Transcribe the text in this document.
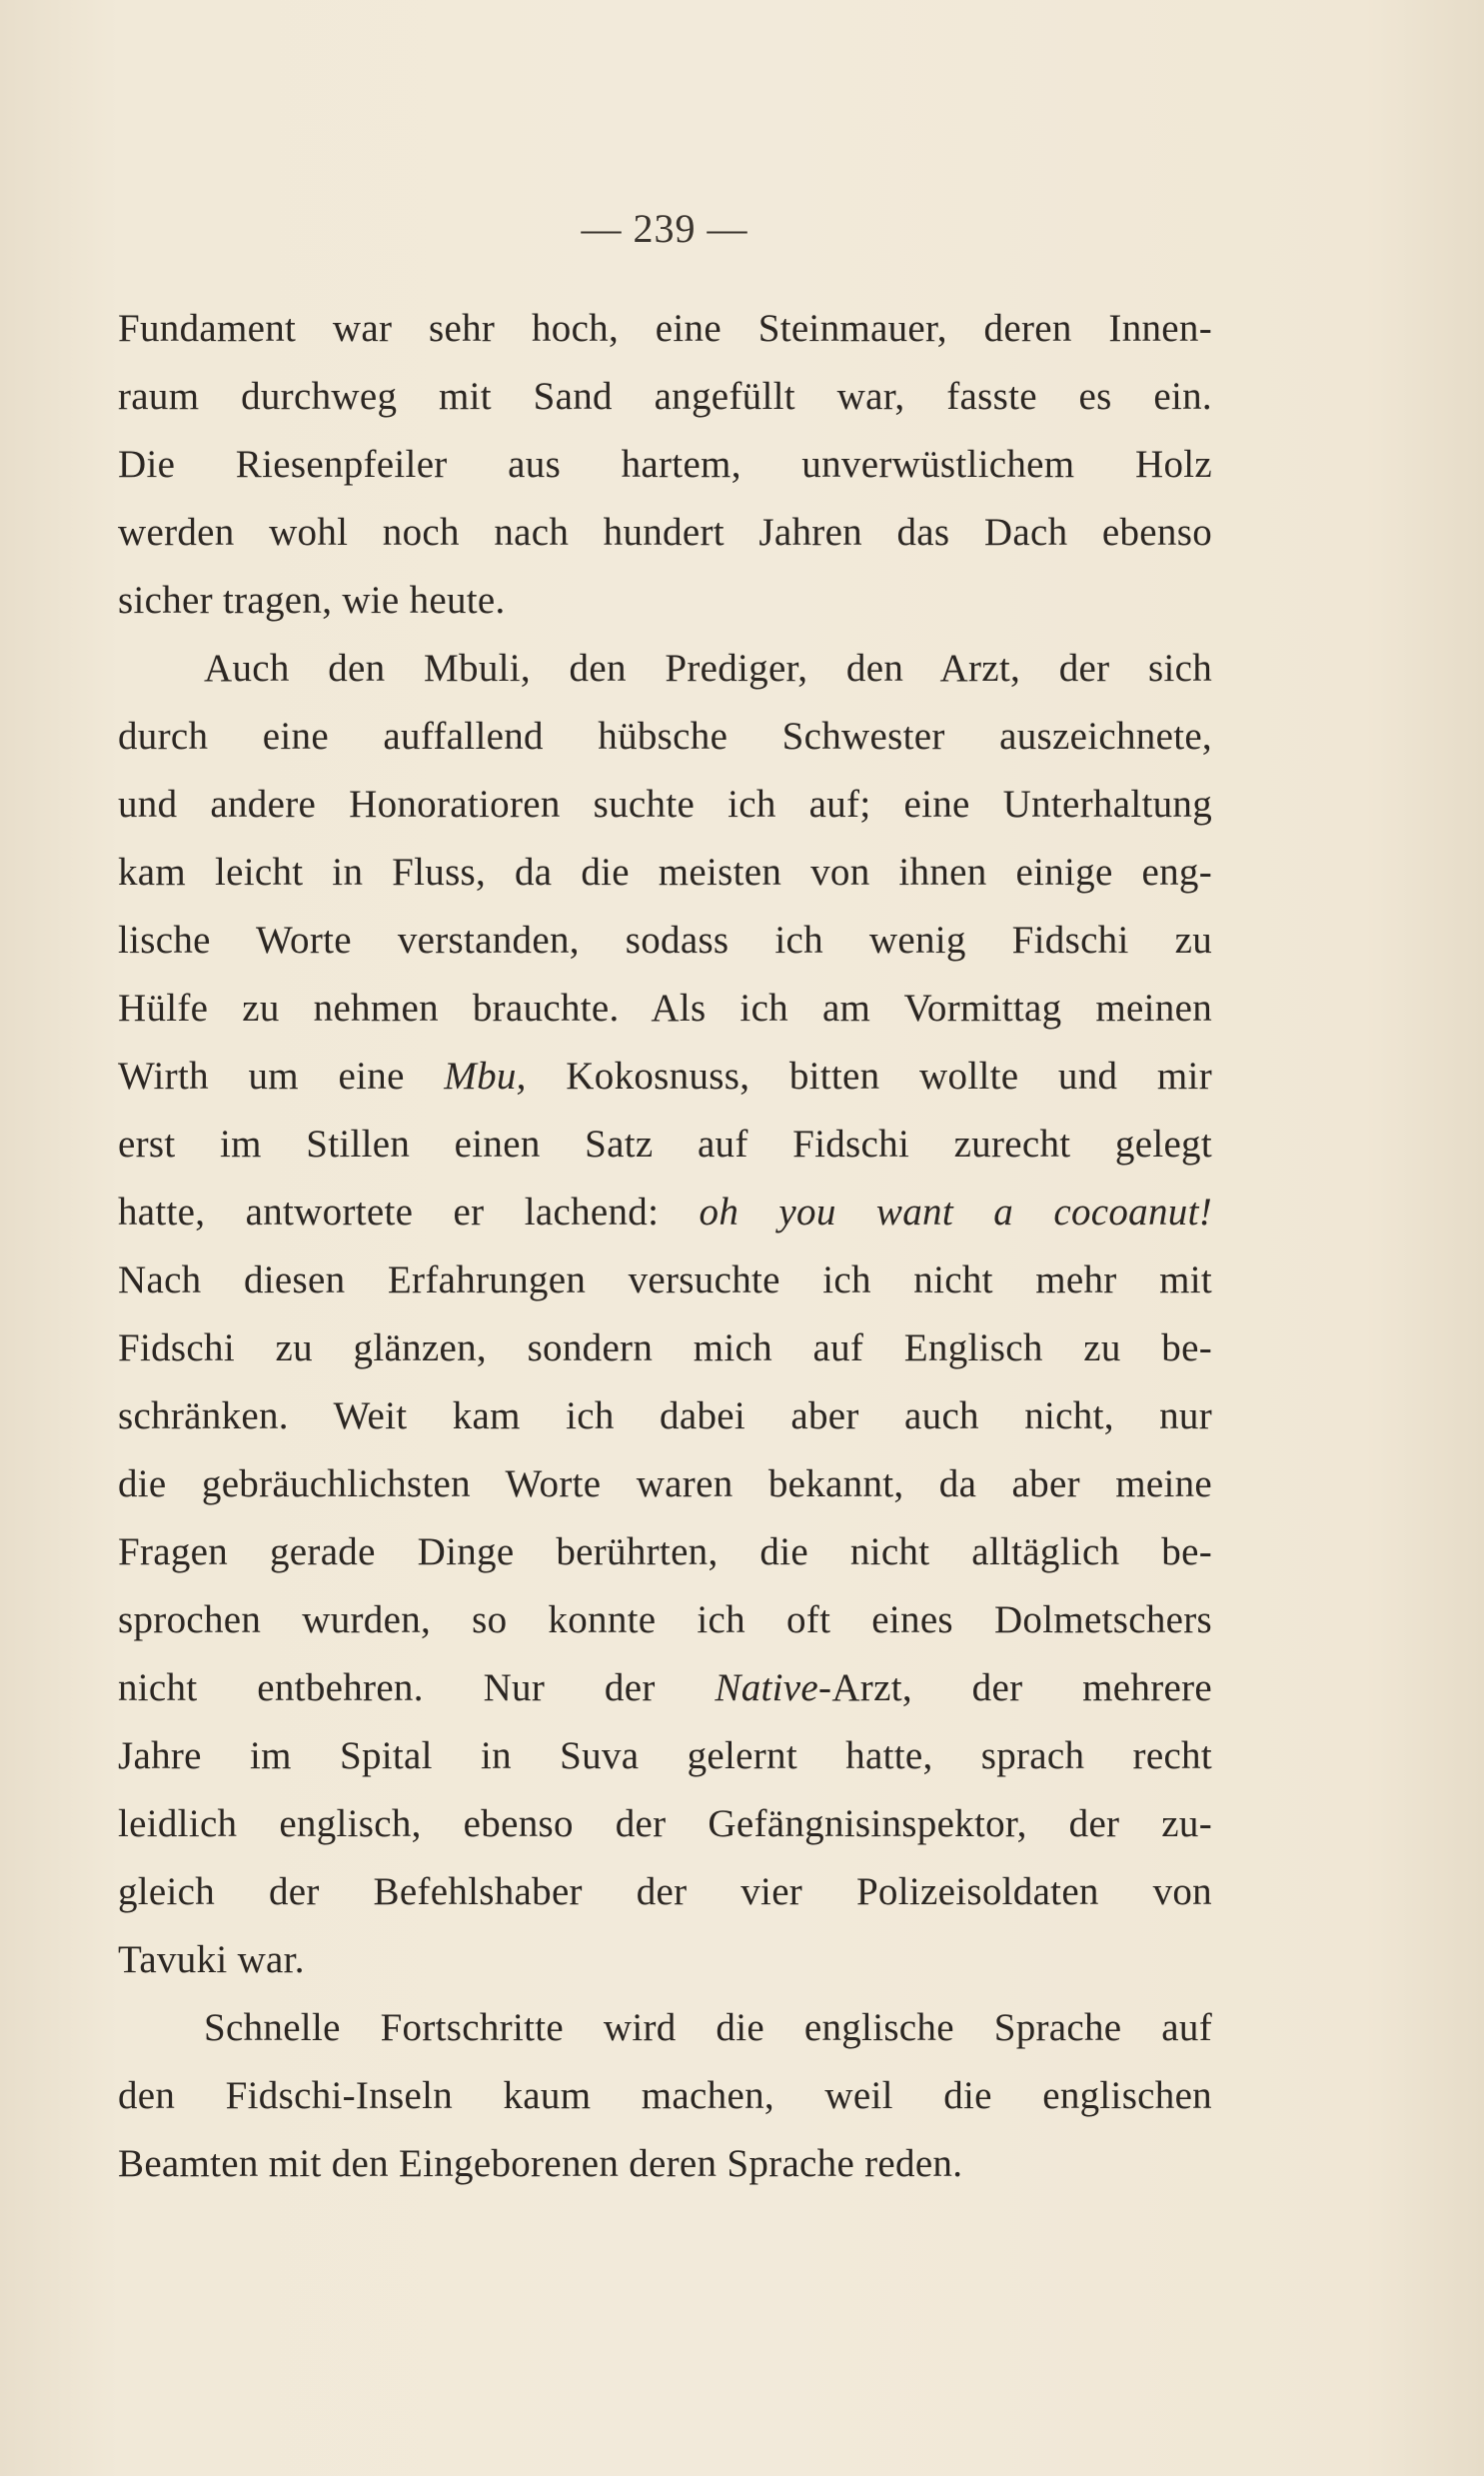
— 239 —
Fundament war sehr hoch, eine Steinmauer, deren Innen-
raum durchweg mit Sand angefüllt war, fasste es ein.
Die Riesenpfeiler aus hartem, unverwüstlichem Holz
werden wohl noch nach hundert Jahren das Dach ebenso
sicher tragen, wie heute.
Auch den Mbuli, den Prediger, den Arzt, der sich
durch eine auffallend hübsche Schwester auszeichnete,
und andere Honoratioren suchte ich auf; eine Unterhaltung
kam leicht in Fluss, da die meisten von ihnen einige eng-
lische Worte verstanden, sodass ich wenig Fidschi zu
Hülfe zu nehmen brauchte. Als ich am Vormittag meinen
Wirth um eine Mbu, Kokosnuss, bitten wollte und mir
erst im Stillen einen Satz auf Fidschi zurecht gelegt
hatte, antwortete er lachend: oh you want a cocoanut!
Nach diesen Erfahrungen versuchte ich nicht mehr mit
Fidschi zu glänzen, sondern mich auf Englisch zu be-
schränken. Weit kam ich dabei aber auch nicht, nur
die gebräuchlichsten Worte waren bekannt, da aber meine
Fragen gerade Dinge berührten, die nicht alltäglich be-
sprochen wurden, so konnte ich oft eines Dolmetschers
nicht entbehren. Nur der Native-Arzt, der mehrere
Jahre im Spital in Suva gelernt hatte, sprach recht
leidlich englisch, ebenso der Gefängnisinspektor, der zu-
gleich der Befehlshaber der vier Polizeisoldaten von
Tavuki war.
Schnelle Fortschritte wird die englische Sprache auf
den Fidschi-Inseln kaum machen, weil die englischen
Beamten mit den Eingeborenen deren Sprache reden.
